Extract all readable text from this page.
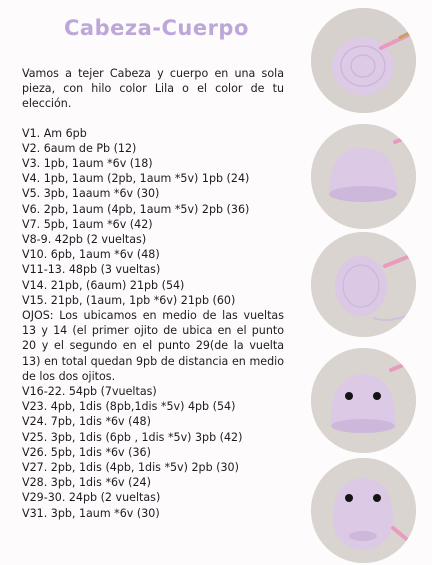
Cabeza-Cuerpo

Vamos a tejer Cabeza y cuerpo en una sola pieza, con hilo color Lila o el color de tu elección.

V1. Am 6pb
V2. 6aum de Pb (12)
V3. 1pb, 1aum *6v (18)
V4. 1pb, 1aum (2pb, 1aum *5v) 1pb (24)
V5. 3pb, 1aaum *6v (30)
V6. 2pb, 1aum (4pb, 1aum *5v) 2pb (36)
V7. 5pb, 1aum *6v (42)
V8-9. 42pb (2 vueltas)
V10. 6pb, 1aum *6v (48)
V11-13. 48pb (3 vueltas)
V14. 21pb, (6aum) 21pb (54)
V15. 21pb, (1aum, 1pb *6v) 21pb (60)
OJOS: Los ubicamos en medio de las vueltas 13 y 14 (el primer ojito de ubica en el punto 20 y el segundo en el punto 29(de la vuelta 13) en total quedan 9pb de distancia en medio de los dos ojitos.
V16-22. 54pb (7vueltas)
V23. 4pb, 1dis (8pb,1dis *5v) 4pb (54)
V24. 7pb, 1dis *6v (48)
V25. 3pb, 1dis (6pb , 1dis *5v) 3pb (42)
V26. 5pb, 1dis *6v (36)
V27. 2pb, 1dis (4pb, 1dis *5v) 2pb (30)
V28. 3pb, 1dis *6v (24)
V29-30. 24pb (2 vueltas)
V31. 3pb, 1aum *6v (30)
